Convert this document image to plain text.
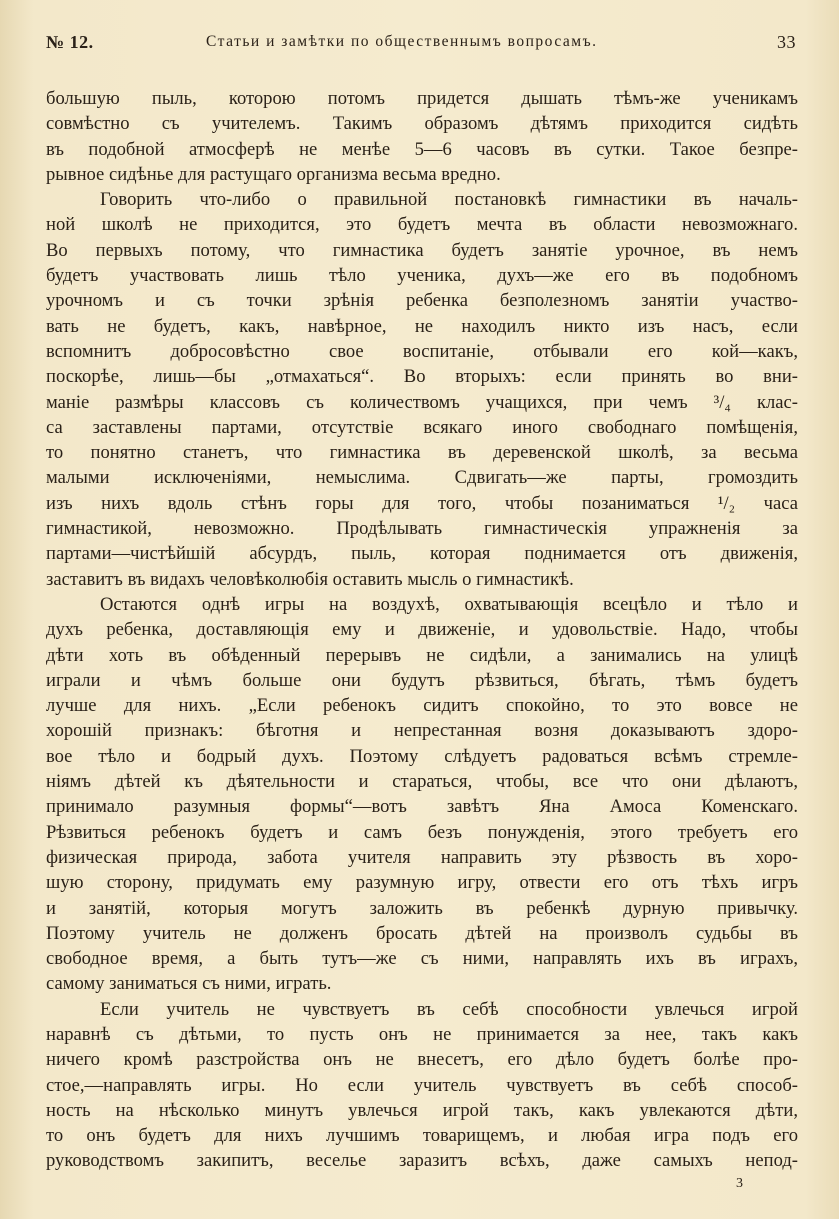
№ 12.	Статьи и замѣтки по общественнымъ вопросамъ.	33
большую пыль, которою потомъ придется дышать тѣмъ-же ученикамъ
совмѣстно съ учителемъ. Такимъ образомъ дѣтямъ приходится сидѣть
въ подобной атмосферѣ не менѣе 5—6 часовъ въ сутки. Такое безпре-
рывное сидѣнье для растущаго организма весьма вредно.
Говорить что-либо о правильной постановкѣ гимнастики въ началь-
ной школѣ не приходится, это будетъ мечта въ области невозможнаго.
Во первыхъ потому, что гимнастика будетъ занятіе урочное, въ немъ
будетъ участвовать лишь тѣло ученика, духъ—же его въ подобномъ
урочномъ и съ точки зрѣнія ребенка безполезномъ занятіи участво-
вать не будетъ, какъ, навѣрное, не находилъ никто изъ насъ, если
вспомнитъ добросовѣстно свое воспитаніе, отбывали его кой—какъ,
поскорѣе, лишь—бы „отмахаться“. Во вторыхъ: если принять во вни-
маніе размѣры классовъ съ количествомъ учащихся, при чемъ ³/₄ клас-
са заставлены партами, отсутствіе всякаго иного свободнаго помѣщенія,
то понятно станетъ, что гимнастика въ деревенской школѣ, за весьма
малыми исключеніями, немыслима. Сдвигать—же парты, громоздить
изъ нихъ вдоль стѣнъ горы для того, чтобы позаниматься ¹/₂ часа
гимнастикой, невозможно. Продѣлывать гимнастическія упражненія за
партами—чистѣйшій абсурдъ, пыль, которая поднимается отъ движенія,
заставитъ въ видахъ человѣколюбія оставить мысль о гимнастикѣ.
Остаются однѣ игры на воздухѣ, охватывающія всецѣло и тѣло и
духъ ребенка, доставляющія ему и движеніе, и удовольствіе. Надо, чтобы
дѣти хоть въ обѣденный перерывъ не сидѣли, а занимались на улицѣ
играли и чѣмъ больше они будутъ рѣзвиться, бѣгать, тѣмъ будетъ
лучше для нихъ. „Если ребенокъ сидитъ спокойно, то это вовсе не
хорошій признакъ: бѣготня и непрестанная возня доказываютъ здоро-
вое тѣло и бодрый духъ. Поэтому слѣдуетъ радоваться всѣмъ стремле-
ніямъ дѣтей къ дѣятельности и стараться, чтобы, все что они дѣлаютъ,
принимало разумныя формы“—вотъ завѣтъ Яна Амоса Коменскаго.
Рѣзвиться ребенокъ будетъ и самъ безъ понужденія, этого требуетъ его
физическая природа, забота учителя направить эту рѣзвость въ хоро-
шую сторону, придумать ему разумную игру, отвести его отъ тѣхъ игръ
и занятій, которыя могутъ заложить въ ребенкѣ дурную привычку.
Поэтому учитель не долженъ бросать дѣтей на произволъ судьбы въ
свободное время, а быть тутъ—же съ ними, направлять ихъ въ играхъ,
самому заниматься съ ними, играть.
Если учитель не чувствуетъ въ себѣ способности увлечься игрой
наравнѣ съ дѣтьми, то пусть онъ не принимается за нее, такъ какъ
ничего кромѣ разстройства онъ не внесетъ, его дѣло будетъ болѣе про-
стое,—направлять игры. Но если учитель чувствуетъ въ себѣ способ-
ность на нѣсколько минутъ увлечься игрой такъ, какъ увлекаются дѣти,
то онъ будетъ для нихъ лучшимъ товарищемъ, и любая игра подъ его
руководствомъ закипитъ, веселье заразитъ всѣхъ, даже самыхъ непод-
3
